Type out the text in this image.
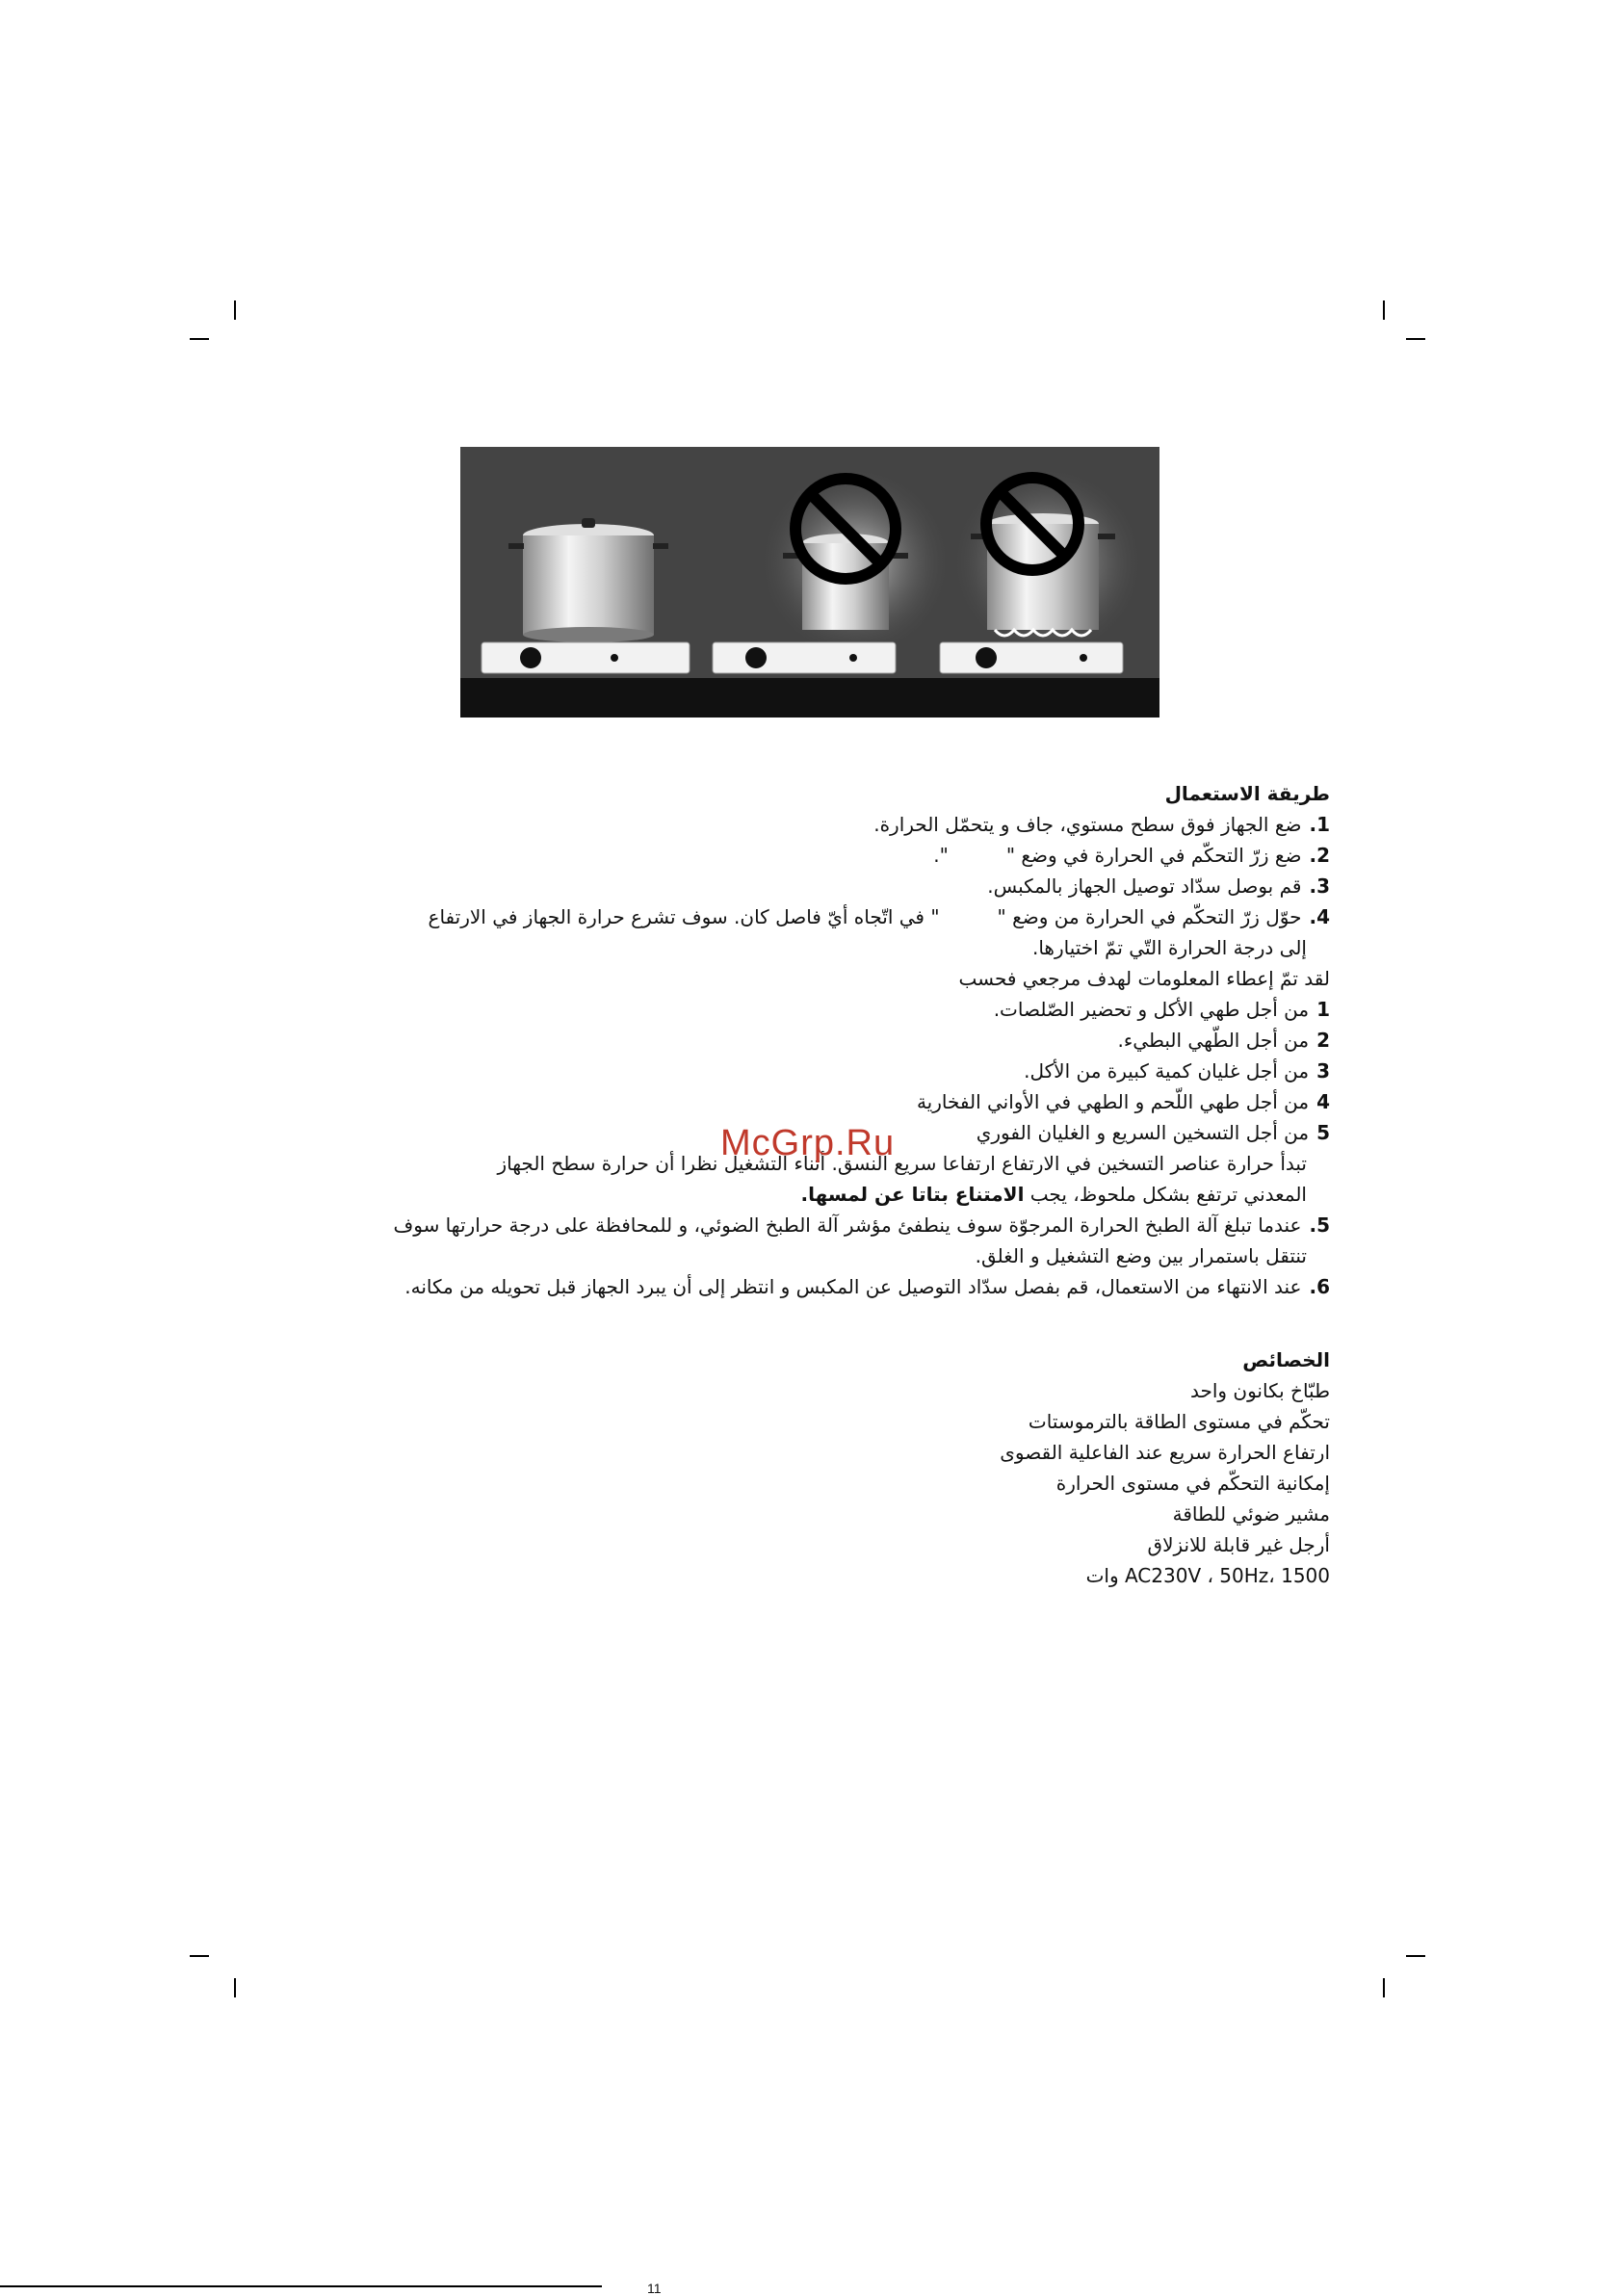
طريقة الاستعمال
1.ضع الجهاز فوق سطح مستوي، جاف و يتحمّل الحرارة.
2.ضع زرّ التحكّم في الحرارة في وضع "".
3.قم بوصل سدّاد توصيل الجهاز بالمكبس.
4.حوّل زرّ التحكّم في الحرارة من وضع "" في اتّجاه أيّ فاصل كان. سوف تشرع حرارة الجهاز في الارتفاع
إلى درجة الحرارة التّي تمّ اختيارها.
لقد تمّ إعطاء المعلومات لهدف مرجعي فحسب
1من أجل طهي الأكل و تحضير الصّلصات.
2من أجل الطّهي البطيء.
3من أجل غليان كمية كبيرة من الأكل.
4من أجل طهي اللّحم و الطهي في الأواني الفخارية
5من أجل التسخين السريع و الغليان الفوري
تبدأ حرارة عناصر التسخين في الارتفاع ارتفاعا سريع النسق. أثناء التشغيل نظرا أن حرارة سطح الجهاز
المعدني ترتفع بشكل ملحوظ، يجب الامتناع بتاتا عن لمسها.
5.عندما تبلغ آلة الطبخ الحرارة المرجوّة سوف ينطفئ مؤشر آلة الطبخ الضوئي، و للمحافظة على درجة حرارتها سوف
تنتقل باستمرار بين وضع التشغيل و الغلق.
6.عند الانتهاء من الاستعمال، قم بفصل سدّاد التوصيل عن المكبس و انتظر إلى أن يبرد الجهاز قبل تحويله من مكانه.
الخصائص
طبّاخ بكانون واحد
تحكّم في مستوى الطاقة بالترموستات
ارتفاع الحرارة سريع عند الفاعلية القصوى
إمكانية التحكّم في مستوى الحرارة
مشير ضوئي للطاقة
أرجل غير قابلة للانزلاق
AC230V ، 50Hz، 1500 وات
McGrp.Ru
11
